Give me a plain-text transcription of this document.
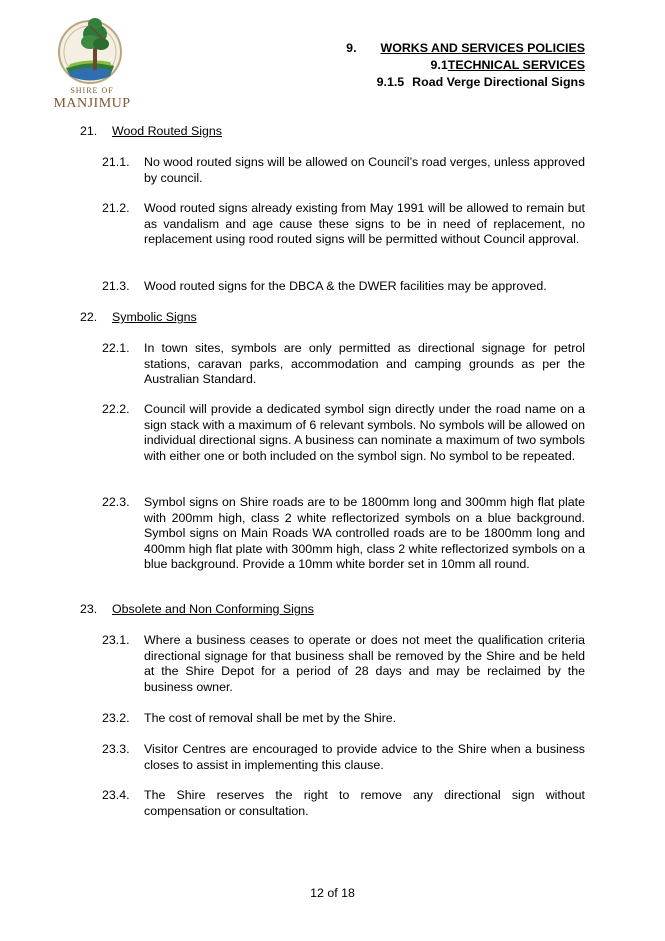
SHIRE OF
MANJIMUP
9. WORKS AND SERVICES POLICIES
9.1TECHNICAL SERVICES
9.1.5 Road Verge Directional Signs
21. Wood Routed Signs
21.1. No wood routed signs will be allowed on Council’s road verges, unless approved by council.
21.2. Wood routed signs already existing from May 1991 will be allowed to remain but as vandalism and age cause these signs to be in need of replacement, no replacement using rood routed signs will be permitted without Council approval.
21.3. Wood routed signs for the DBCA & the DWER facilities may be approved.
22. Symbolic Signs
22.1. In town sites, symbols are only permitted as directional signage for petrol stations, caravan parks, accommodation and camping grounds as per the Australian Standard.
22.2. Council will provide a dedicated symbol sign directly under the road name on a sign stack with a maximum of 6 relevant symbols. No symbols will be allowed on individual directional signs. A business can nominate a maximum of two symbols with either one or both included on the symbol sign. No symbol to be repeated.
22.3. Symbol signs on Shire roads are to be 1800mm long and 300mm high flat plate with 200mm high, class 2 white reflectorized symbols on a blue background. Symbol signs on Main Roads WA controlled roads are to be 1800mm long and 400mm high flat plate with 300mm high, class 2 white reflectorized symbols on a blue background. Provide a 10mm white border set in 10mm all round.
23. Obsolete and Non Conforming Signs
23.1. Where a business ceases to operate or does not meet the qualification criteria directional signage for that business shall be removed by the Shire and be held at the Shire Depot for a period of 28 days and may be reclaimed by the business owner.
23.2. The cost of removal shall be met by the Shire.
23.3. Visitor Centres are encouraged to provide advice to the Shire when a business closes to assist in implementing this clause.
23.4. The Shire reserves the right to remove any directional sign without compensation or consultation.
12 of 18
